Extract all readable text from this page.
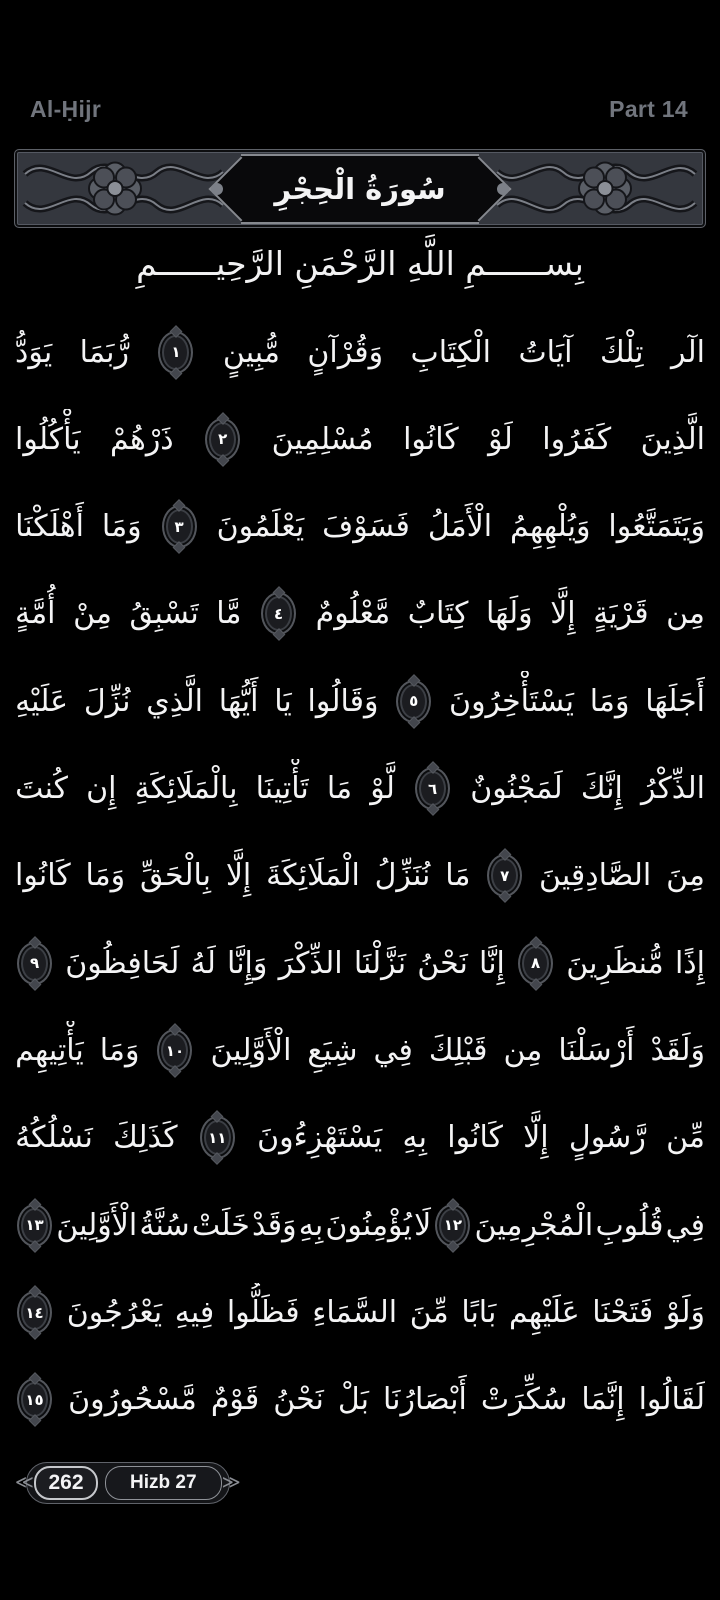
Al-Ḥijr	Part 14
سُورَةُ الْحِجْرِ
بِســــــمِ اللَّهِ الرَّحْمَنِ الرَّحِيــــــمِ
الٓر
تِلْكَ
آيَاتُ
الْكِتَابِ
وَقُرْآنٍ
مُّبِينٍ
١
رُّبَمَا
يَوَدُّ
الَّذِينَ
كَفَرُوا
لَوْ
كَانُوا
مُسْلِمِينَ
٢
ذَرْهُمْ
يَأْكُلُوا
وَيَتَمَتَّعُوا
وَيُلْهِهِمُ
الْأَمَلُ
فَسَوْفَ
يَعْلَمُونَ
٣
وَمَا
أَهْلَكْنَا
مِن
قَرْيَةٍ
إِلَّا
وَلَهَا
كِتَابٌ
مَّعْلُومٌ
٤
مَّا
تَسْبِقُ
مِنْ
أُمَّةٍ
أَجَلَهَا
وَمَا
يَسْتَأْخِرُونَ
٥
وَقَالُوا
يَا
أَيُّهَا
الَّذِي
نُزِّلَ
عَلَيْهِ
الذِّكْرُ
إِنَّكَ
لَمَجْنُونٌ
٦
لَّوْ
مَا
تَأْتِينَا
بِالْمَلَائِكَةِ
إِن
كُنتَ
مِنَ
الصَّادِقِينَ
٧
مَا
نُنَزِّلُ
الْمَلَائِكَةَ
إِلَّا
بِالْحَقِّ
وَمَا
كَانُوا
إِذًا
مُّنظَرِينَ
٨
إِنَّا
نَحْنُ
نَزَّلْنَا
الذِّكْرَ
وَإِنَّا
لَهُ
لَحَافِظُونَ
٩
وَلَقَدْ
أَرْسَلْنَا
مِن
قَبْلِكَ
فِي
شِيَعِ
الْأَوَّلِينَ
١٠
وَمَا
يَأْتِيهِم
مِّن
رَّسُولٍ
إِلَّا
كَانُوا
بِهِ
يَسْتَهْزِءُونَ
١١
كَذَلِكَ
نَسْلُكُهُ
فِي
قُلُوبِ
الْمُجْرِمِينَ
١٢
لَا
يُؤْمِنُونَ
بِهِ
وَقَدْ
خَلَتْ
سُنَّةُ
الْأَوَّلِينَ
١٣
وَلَوْ
فَتَحْنَا
عَلَيْهِم
بَابًا
مِّنَ
السَّمَاءِ
فَظَلُّوا
فِيهِ
يَعْرُجُونَ
١٤
لَقَالُوا
إِنَّمَا
سُكِّرَتْ
أَبْصَارُنَا
بَلْ
نَحْنُ
قَوْمٌ
مَّسْحُورُونَ
١٥
≪ 262	Hizb 27	≫
